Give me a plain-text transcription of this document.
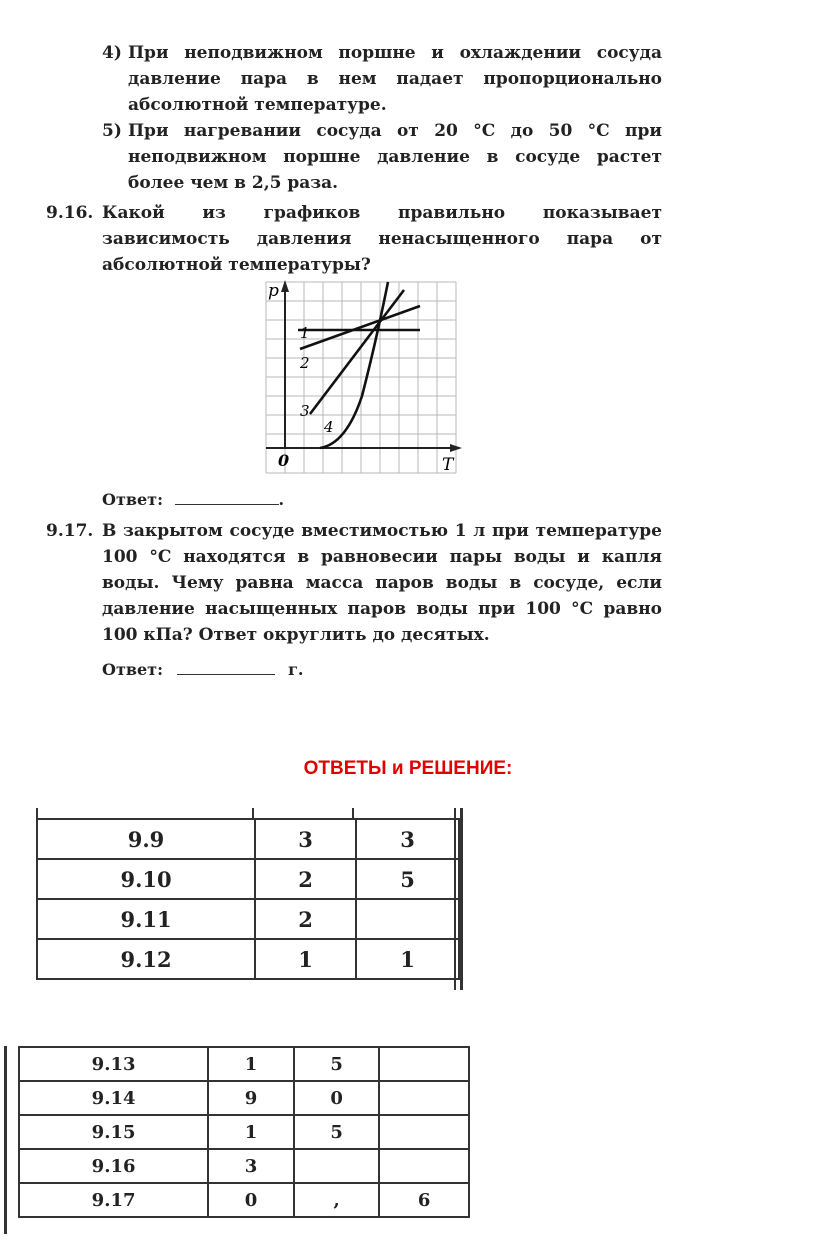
4) При неподвижном поршне и охлаждении сосуда давление пара в нем падает пропорционально абсолютной температуре.
5) При нагревании сосуда от 20 °С до 50 °С при неподвижном поршне давление в сосуде растет более чем в 2,5 раза.
9.16. Какой из графиков правильно показывает зависимость давления ненасыщенного пара от абсолютной температуры?
p
T
0
1
2
3
4
Ответ:	.
9.17. В закрытом сосуде вместимостью 1 л при температуре 100 °С находятся в равновесии пары воды и капля воды. Чему равна масса паров воды в сосуде, если давление насыщенных паров воды при 100 °С равно 100 кПа? Ответ округлить до десятых.
Ответ:	г.
ОТВЕТЫ и РЕШЕНИЕ:
9.9	3	3
9.10	2	5
9.11	2	
9.12	1	1
9.13	1	5	
9.14	9	0	
9.15	1	5	
9.16	3		
9.17	0	,	6
